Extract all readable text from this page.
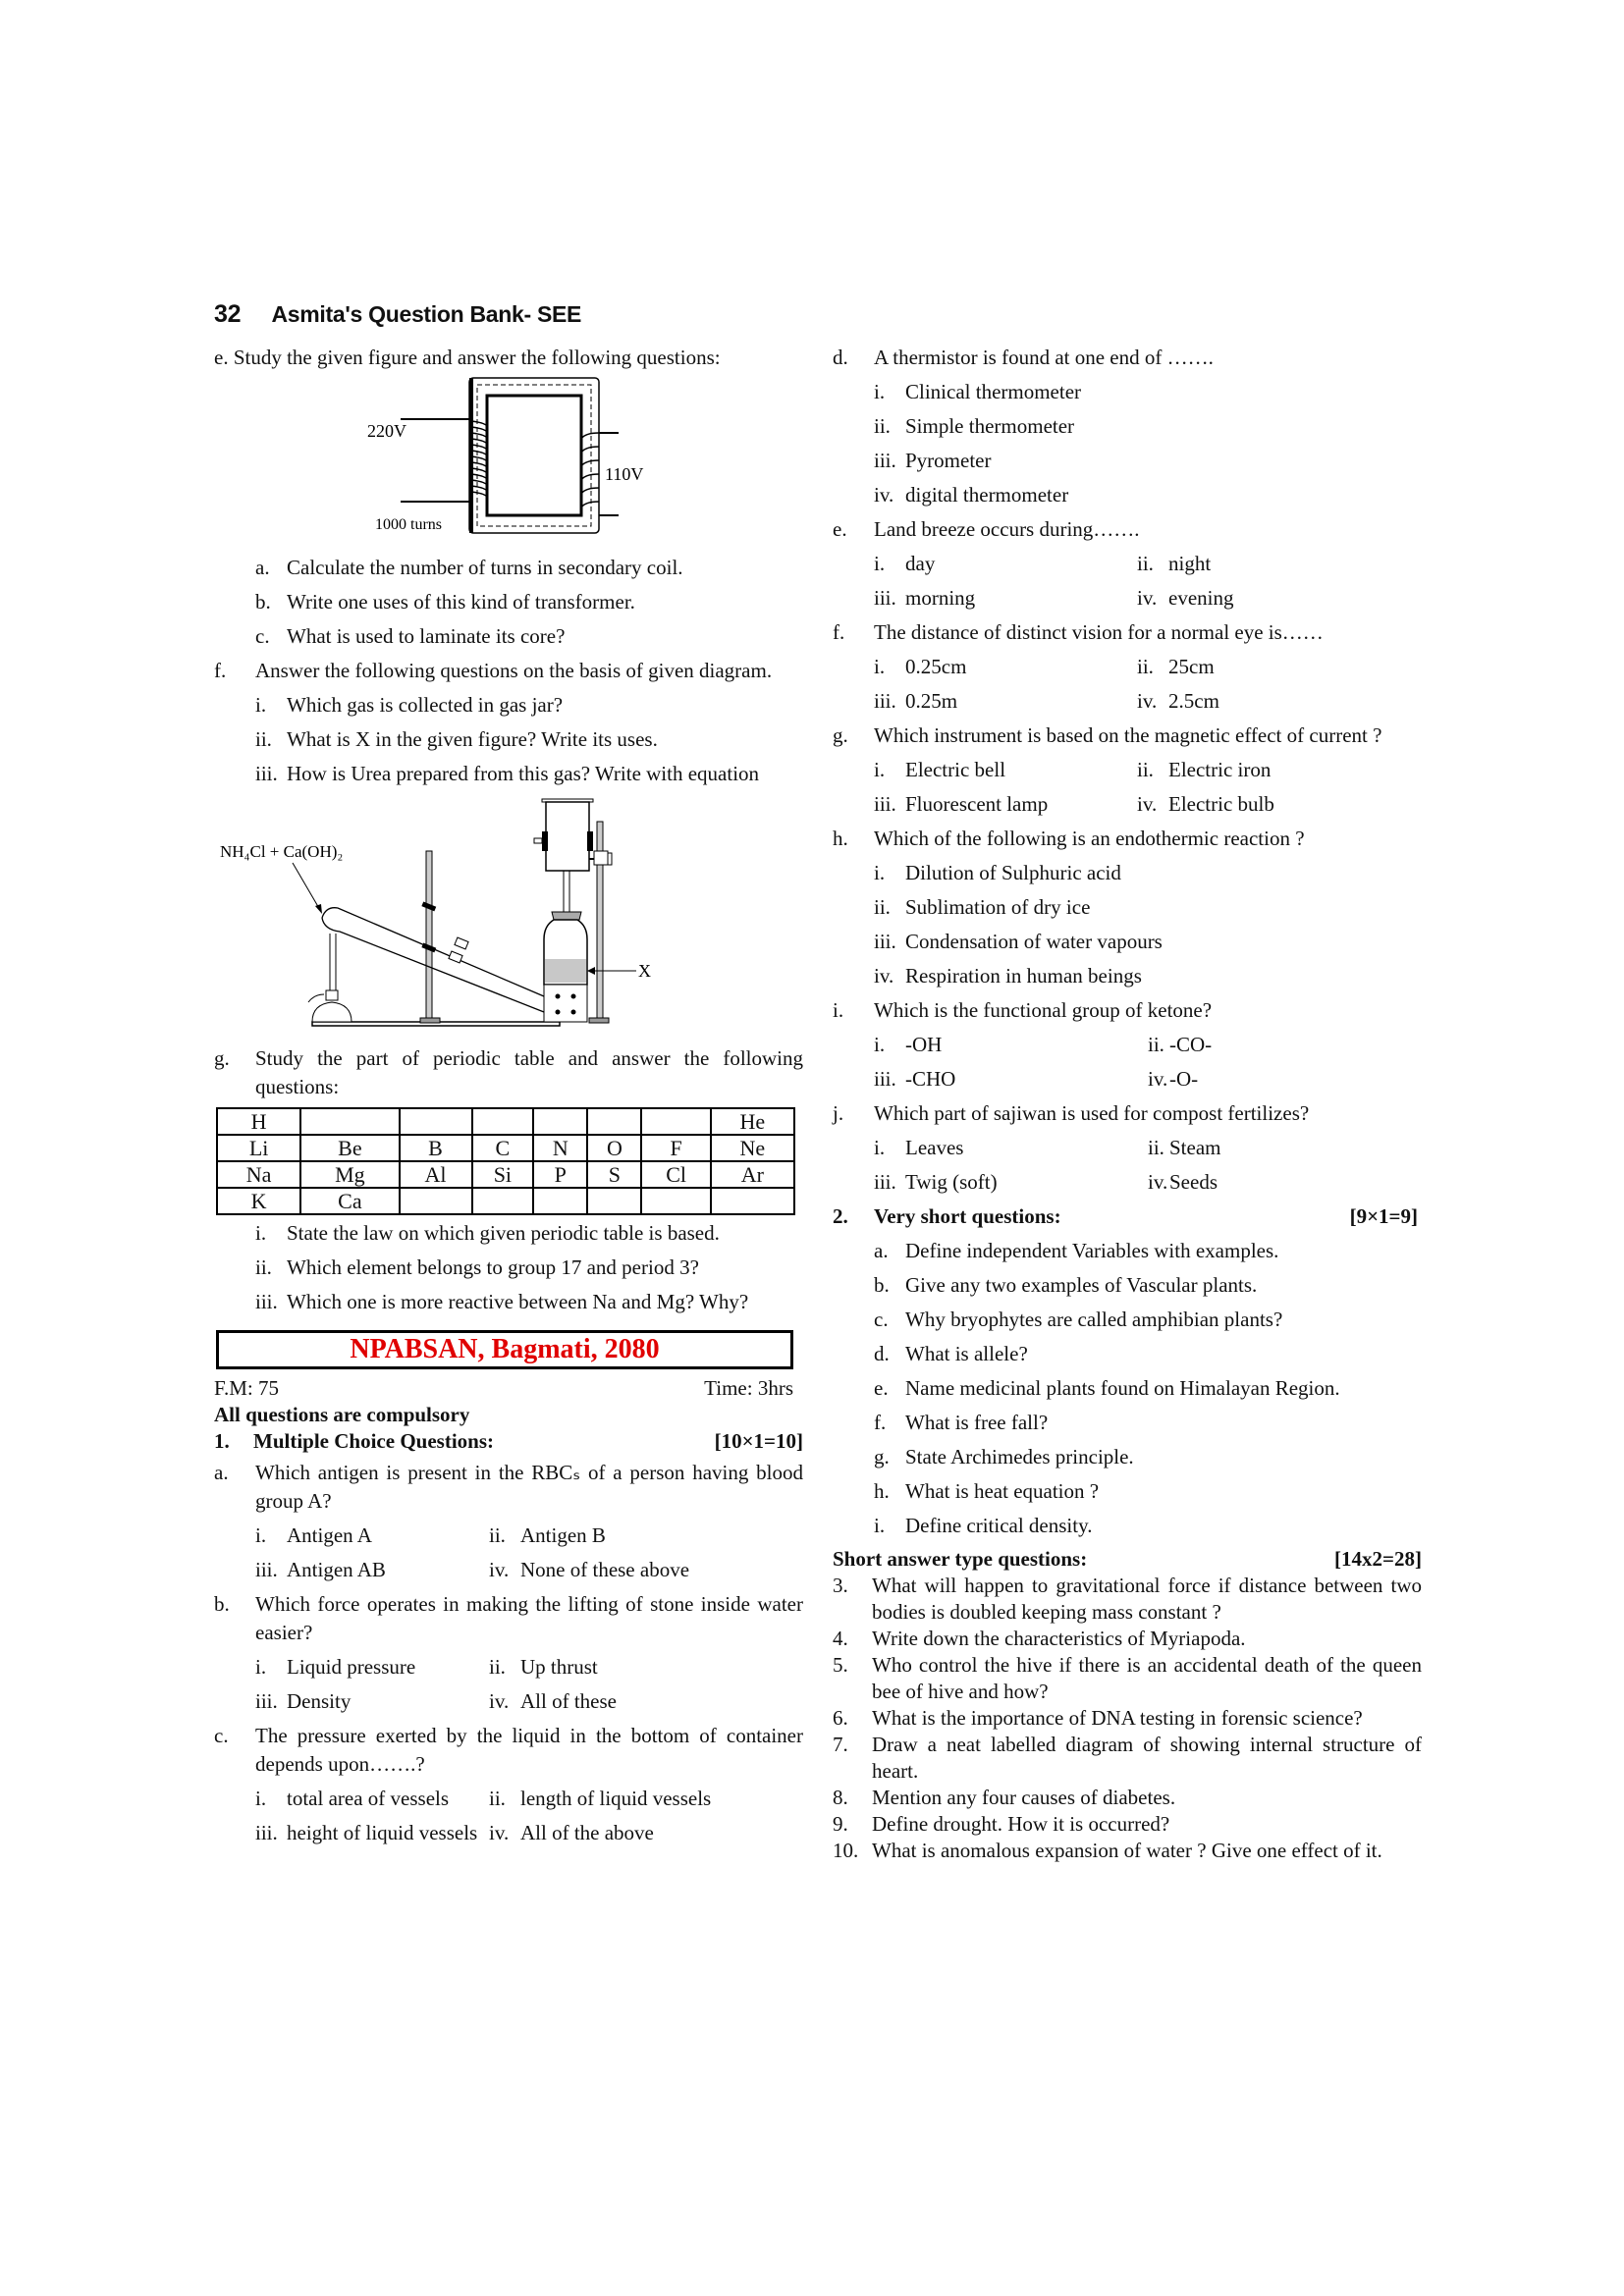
32 Asmita's Question Bank- SEE
e. Study the given figure and answer the following questions:
220V
110V
1000 turns
a. Calculate the number of turns in secondary coil.
b. Write one uses of this kind of transformer.
c. What is used to laminate its core?
f.	Answer the following questions on the basis of given diagram.
i. Which gas is collected in gas jar?
ii. What is X in the given figure? Write its uses.
iii. How is Urea prepared from this gas? Write with equation
X
NH₄Cl + Ca(OH)₂
g.	Study the part of periodic table and answer the following questions:
H							He
Li	Be	B	C	N	O	F	Ne
Na	Mg	Al	Si	P	S	Cl	Ar
K	Ca						
i. State the law on which given periodic table is based.
ii. Which element belongs to group 17 and period 3?
iii. Which one is more reactive between Na and Mg? Why?
NPABSAN, Bagmati, 2080
F.M: 75	Time: 3hrs
All questions are compulsory
1. Multiple Choice Questions:	[10×1=10]
a.	Which antigen is present in the RBCₛ of a person having blood group A?
i. Antigen A	ii. Antigen B
iii. Antigen AB	iv. None of these above
b.	Which force operates in making the lifting of stone inside water easier?
i. Liquid pressure	ii. Up thrust
iii. Density	iv. All of these
c.	The pressure exerted by the liquid in the bottom of container depends upon…….?
i. total area of vessels ii. length of liquid vessels
iii. height of liquid vessels iv. All of the above
d.	A thermistor is found at one end of …….
i. Clinical thermometer
ii. Simple thermometer
iii. Pyrometer
iv. digital thermometer
e.	Land breeze occurs during…….
i. day	ii. night
iii. morning	iv. evening
f.	The distance of distinct vision for a normal eye is……
i. 0.25cm	ii. 25cm
iii. 0.25m	iv. 2.5cm
g.	Which instrument is based on the magnetic effect of current ?
i. Electric bell	ii. Electric iron
iii. Fluorescent lamp	iv. Electric bulb
h.	Which of the following is an endothermic reaction ?
i. Dilution of Sulphuric acid
ii. Sublimation of dry ice
iii. Condensation of water vapours
iv. Respiration in human beings
i.	Which is the functional group of ketone?
i. -OH	ii. -CO-
iii. -CHO	iv. -O-
j.	Which part of sajiwan is used for compost fertilizes?
i. Leaves	ii. Steam
iii. Twig (soft)	iv. Seeds
2. Very short questions:	[9×1=9]
a. Define independent Variables with examples.
b. Give any two examples of Vascular plants.
c. Why bryophytes are called amphibian plants?
d. What is allele?
e. Name medicinal plants found on Himalayan Region.
f. What is free fall?
g. State Archimedes principle.
h. What is heat equation ?
i. Define critical density.
Short answer type questions:	[14x2=28]
3.	What will happen to gravitational force if distance between two bodies is doubled keeping mass constant ?
4.	Write down the characteristics of Myriapoda.
5.	Who control the hive if there is an accidental death of the queen bee of hive and how?
6.	What is the importance of DNA testing in forensic science?
7.	Draw a neat labelled diagram of showing internal structure of heart.
8.	Mention any four causes of diabetes.
9.	Define drought. How it is occurred?
10. What is anomalous expansion of water ? Give one effect of it.
